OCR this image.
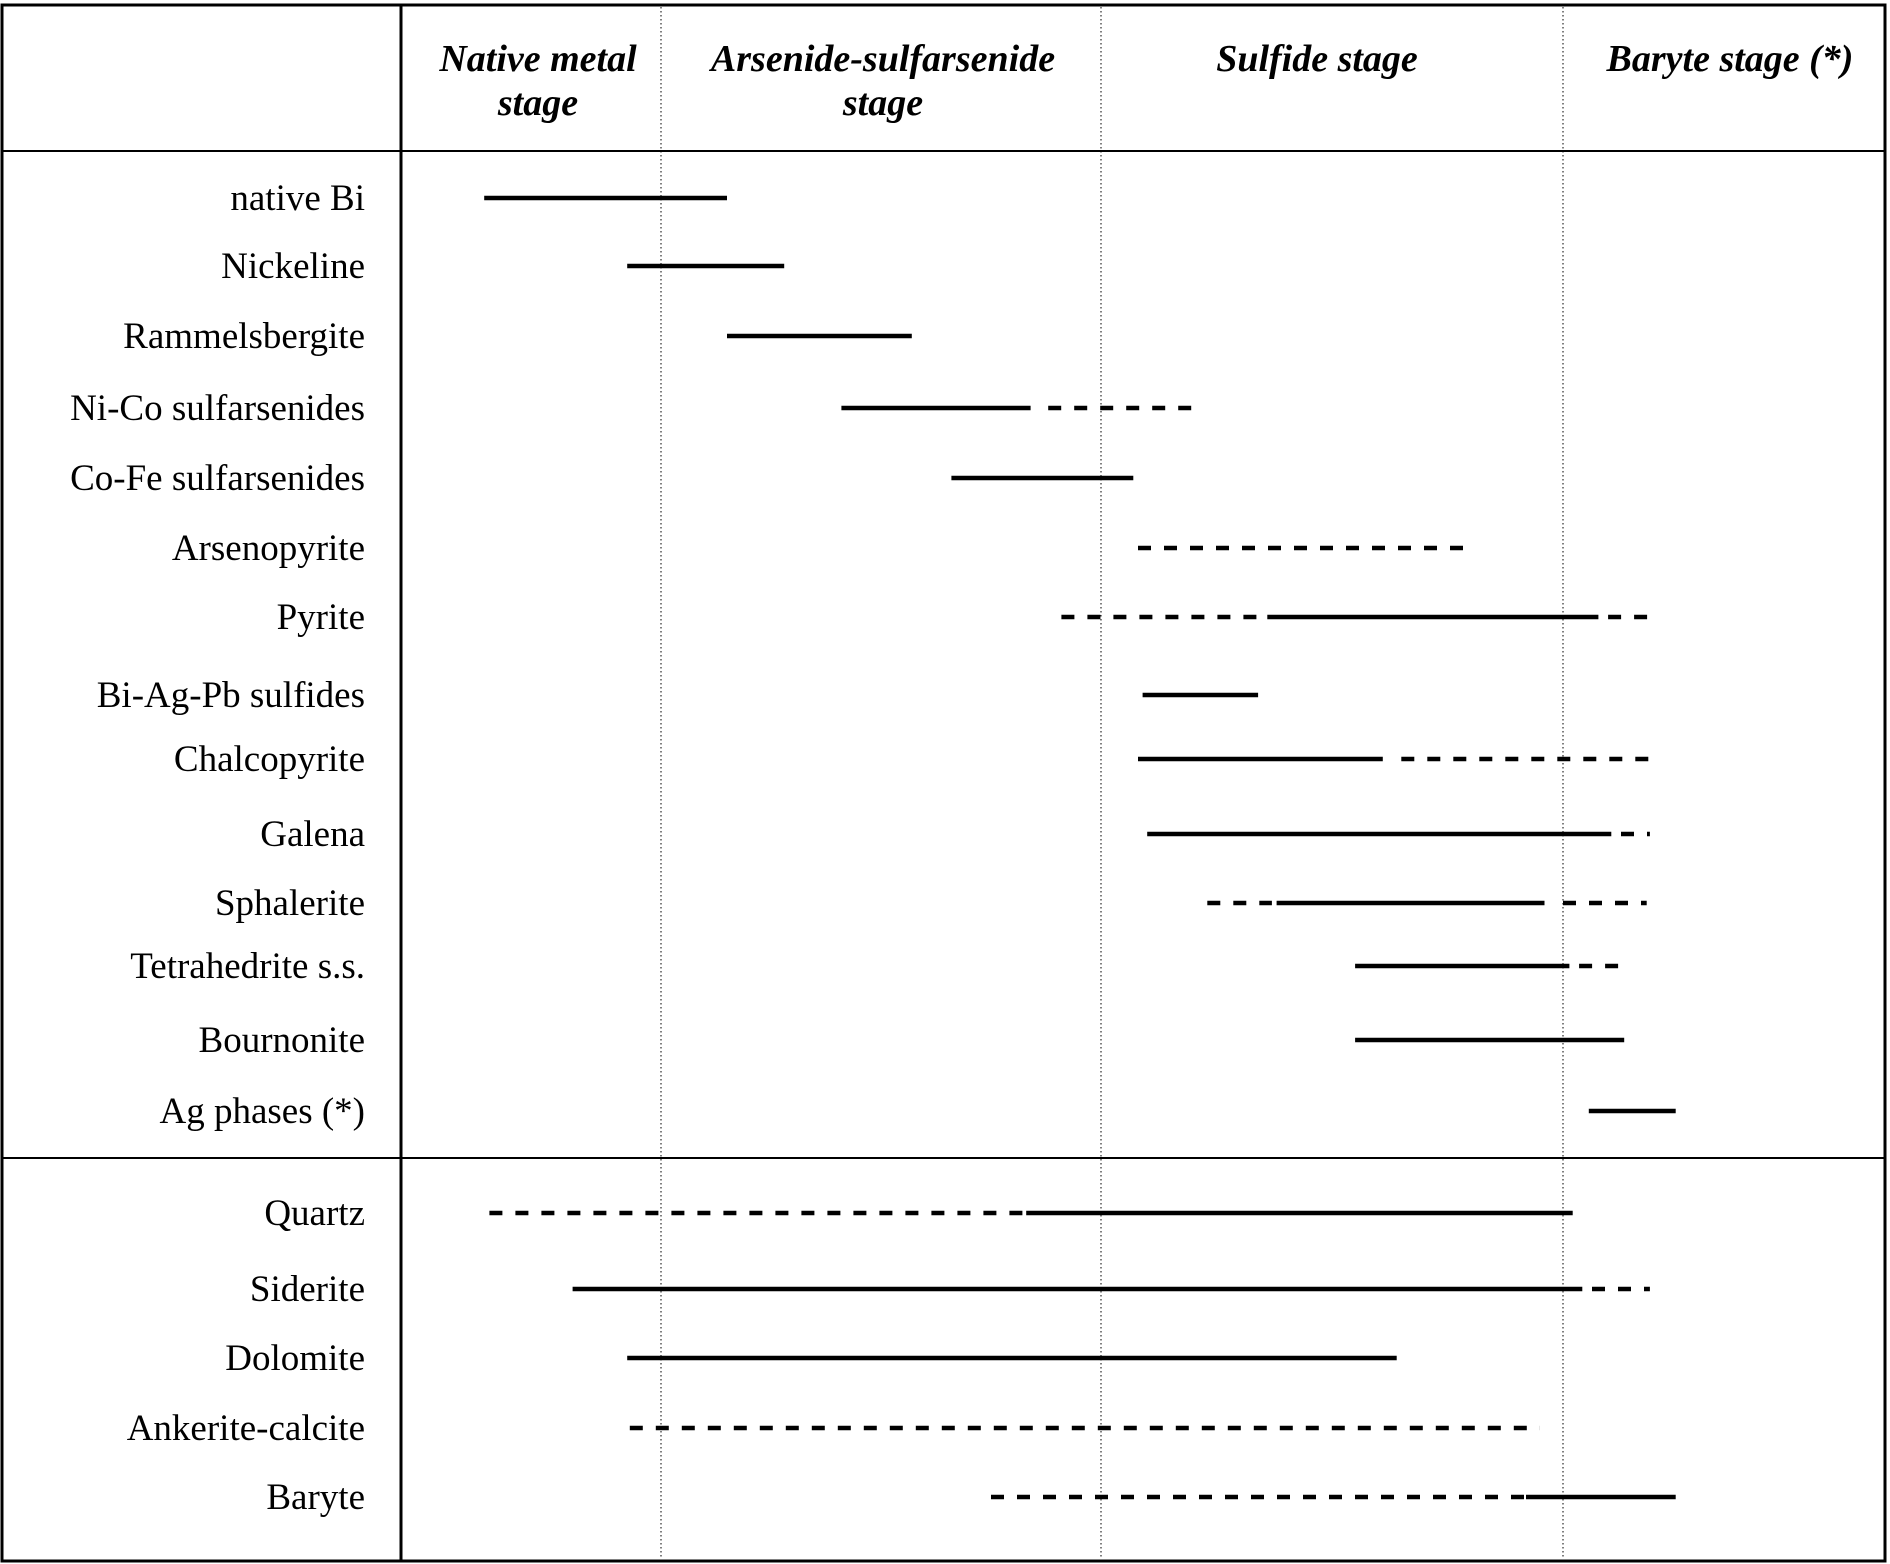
Native metal
stage
Arsenide-sulfarsenide
stage
Sulfide stage	Baryte stage (*)
native Bi
Nickeline
Rammelsbergite
Ni-Co sulfarsenides
Co-Fe sulfarsenides
Arsenopyrite
Pyrite
Bi-Ag-Pb sulfides
Chalcopyrite
Galena
Sphalerite
Tetrahedrite s.s.
Bournonite
Ag phases (*)
Quartz
Siderite
Dolomite
Ankerite-calcite
Baryte
